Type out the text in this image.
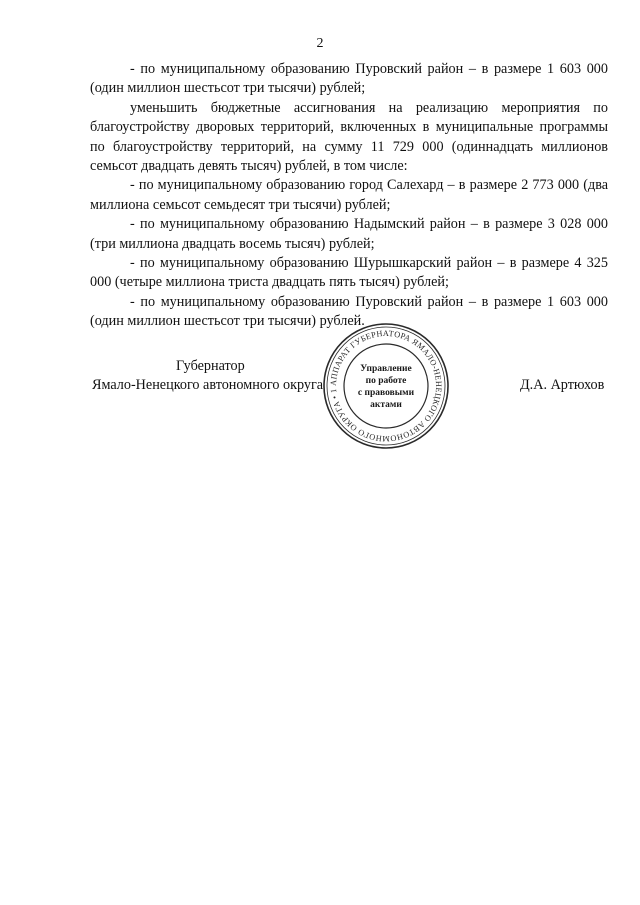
2

- по муниципальному образованию Пуровский район – в размере 1 603 000 (один миллион шестьсот три тысячи) рублей;

уменьшить бюджетные ассигнования на реализацию мероприятия по благоустройству дворовых территорий, включенных в муниципальные программы по благоустройству территорий, на сумму 11 729 000 (одиннадцать миллионов семьсот двадцать девять тысяч) рублей, в том числе:

- по муниципальному образованию город Салехард – в размере 2 773 000 (два миллиона семьсот семьдесят три тысячи) рублей;

- по муниципальному образованию Надымский район – в размере 3 028 000 (три миллиона двадцать восемь тысяч) рублей;

- по муниципальному образованию Шурышкарский район – в размере 4 325 000 (четыре миллиона триста двадцать пять тысяч) рублей;

- по муниципальному образованию Пуровский район – в размере 1 603 000 (один миллион шестьсот три тысячи) рублей.

Губернатор
Ямало-Ненецкого автономного округа	Д.А. Артюхов
АППАРАТ ГУБЕРНАТОРА ЯМАЛО-НЕНЕЦКОГО АВТОНОМНОГО ОКРУГА • 1
Управление
по работе
с правовыми
актами
